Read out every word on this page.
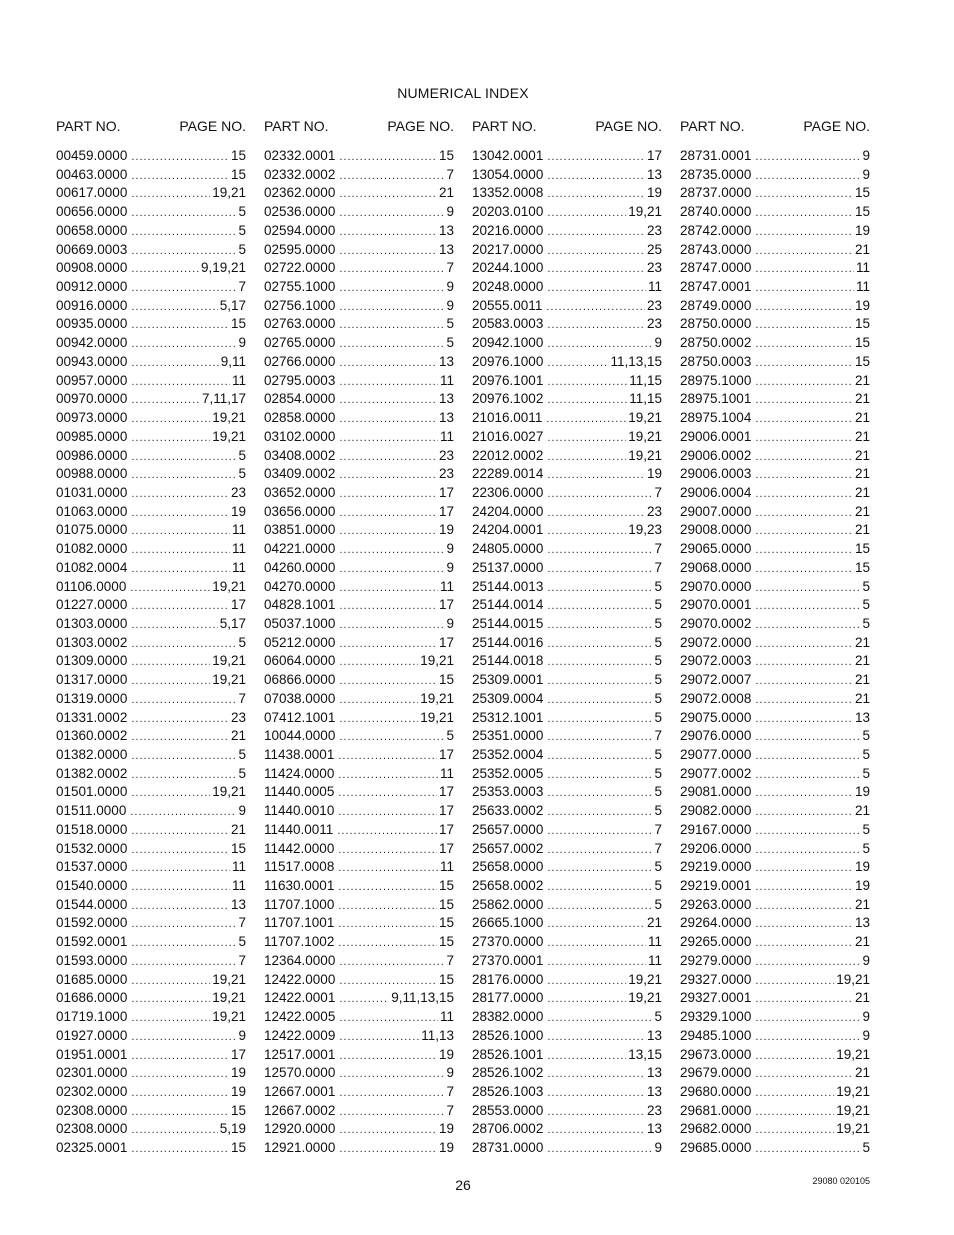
NUMERICAL INDEX
PART NO.	PAGE NO.
00459.0000 .....	15
00463.0000 .....	15
00617.0000 .....	19,21
00656.0000 .....	5
00658.0000 .....	5
00669.0003 .....	5
00908.0000 .....	9,19,21
00912.0000 .....	7
00916.0000 .....	5,17
00935.0000 .....	15
00942.0000 .....	9
00943.0000 .....	9,11
00957.0000 .....	11
00970.0000 .....	7,11,17
00973.0000 .....	19,21
00985.0000 .....	19,21
00986.0000 .....	5
00988.0000 .....	5
01031.0000 .....	23
01063.0000 .....	19
01075.0000 .....	11
01082.0000 .....	11
01082.0004 .....	11
01106.0000 .....	19,21
01227.0000 .....	17
01303.0000 .....	5,17
01303.0002 .....	5
01309.0000 .....	19,21
01317.0000 .....	19,21
01319.0000 .....	7
01331.0002 .....	23
01360.0002 .....	21
01382.0000 .....	5
01382.0002 .....	5
01501.0000 .....	19,21
01511.0000 .....	9
01518.0000 .....	21
01532.0000 .....	15
01537.0000 .....	11
01540.0000 .....	11
01544.0000 .....	13
01592.0000 .....	7
01592.0001 .....	5
01593.0000 .....	7
01685.0000 .....	19,21
01686.0000 .....	19,21
01719.1000 .....	19,21
01927.0000 .....	9
01951.0001 .....	17
02301.0000 .....	19
02302.0000 .....	19
02308.0000 .....	15
02308.0000 .....	5,19
02325.0001 .....	15
PART NO.	PAGE NO.
02332.0001 .....	15
02332.0002 .....	7
02362.0000 .....	21
02536.0000 .....	9
02594.0000 .....	13
02595.0000 .....	13
02722.0000 .....	7
02755.1000 .....	9
02756.1000 .....	9
02763.0000 .....	5
02765.0000 .....	5
02766.0000 .....	13
02795.0003 .....	11
02854.0000 .....	13
02858.0000 .....	13
03102.0000 .....	11
03408.0002 .....	23
03409.0002 .....	23
03652.0000 .....	17
03656.0000 .....	17
03851.0000 .....	19
04221.0000 .....	9
04260.0000 .....	9
04270.0000 .....	11
04828.1001 .....	17
05037.1000 .....	9
05212.0000 .....	17
06064.0000 .....	19,21
06866.0000 .....	15
07038.0000 .....	19,21
07412.1001 .....	19,21
10044.0000 .....	5
11438.0001 .....	17
11424.0000 .....	11
11440.0005 .....	17
11440.0010 .....	17
11440.0011 .....	17
11442.0000 .....	17
11517.0008 .....	11
11630.0001 .....	15
11707.1000 .....	15
11707.1001 .....	15
11707.1002 .....	15
12364.0000 .....	7
12422.0000 .....	15
12422.0001 .....	9,11,13,15
12422.0005 .....	11
12422.0009 .....	11,13
12517.0001 .....	19
12570.0000 .....	9
12667.0001 .....	7
12667.0002 .....	7
12920.0000 .....	19
12921.0000 .....	19
PART NO.	PAGE NO.
13042.0001 .....	17
13054.0000 .....	13
13352.0008 .....	19
20203.0100 .....	19,21
20216.0000 .....	23
20217.0000 .....	25
20244.1000 .....	23
20248.0000 .....	11
20555.0011 .....	23
20583.0003 .....	23
20942.1000 .....	9
20976.1000 .....	11,13,15
20976.1001 .....	11,15
20976.1002 .....	11,15
21016.0011 .....	19,21
21016.0027 .....	19,21
22012.0002 .....	19,21
22289.0014 .....	19
22306.0000 .....	7
24204.0000 .....	23
24204.0001 .....	19,23
24805.0000 .....	7
25137.0000 .....	7
25144.0013 .....	5
25144.0014 .....	5
25144.0015 .....	5
25144.0016 .....	5
25144.0018 .....	5
25309.0001 .....	5
25309.0004 .....	5
25312.1001 .....	5
25351.0000 .....	7
25352.0004 .....	5
25352.0005 .....	5
25353.0003 .....	5
25633.0002 .....	5
25657.0000 .....	7
25657.0002 .....	7
25658.0000 .....	5
25658.0002 .....	5
25862.0000 .....	5
26665.1000 .....	21
27370.0000 .....	11
27370.0001 .....	11
28176.0000 .....	19,21
28177.0000 .....	19,21
28382.0000 .....	5
28526.1000 .....	13
28526.1001 .....	13,15
28526.1002 .....	13
28526.1003 .....	13
28553.0000 .....	23
28706.0002 .....	13
28731.0000 .....	9
PART NO.	PAGE NO.
28731.0001 .....	9
28735.0000 .....	9
28737.0000 .....	15
28740.0000 .....	15
28742.0000 .....	19
28743.0000 .....	21
28747.0000 .....	11
28747.0001 .....	11
28749.0000 .....	19
28750.0000 .....	15
28750.0002 .....	15
28750.0003 .....	15
28975.1000 .....	21
28975.1001 .....	21
28975.1004 .....	21
29006.0001 .....	21
29006.0002 .....	21
29006.0003 .....	21
29006.0004 .....	21
29007.0000 .....	21
29008.0000 .....	21
29065.0000 .....	15
29068.0000 .....	15
29070.0000 .....	5
29070.0001 .....	5
29070.0002 .....	5
29072.0000 .....	21
29072.0003 .....	21
29072.0007 .....	21
29072.0008 .....	21
29075.0000 .....	13
29076.0000 .....	5
29077.0000 .....	5
29077.0002 .....	5
29081.0000 .....	19
29082.0000 .....	21
29167.0000 .....	5
29206.0000 .....	5
29219.0000 .....	19
29219.0001 .....	19
29263.0000 .....	21
29264.0000 .....	13
29265.0000 .....	21
29279.0000 .....	9
29327.0000 .....	19,21
29327.0001 .....	21
29329.1000 .....	9
29485.1000 .....	9
29673.0000 .....	19,21
29679.0000 .....	21
29680.0000 .....	19,21
29681.0000 .....	19,21
29682.0000 .....	19,21
29685.0000 .....	5
26	29080 020105
